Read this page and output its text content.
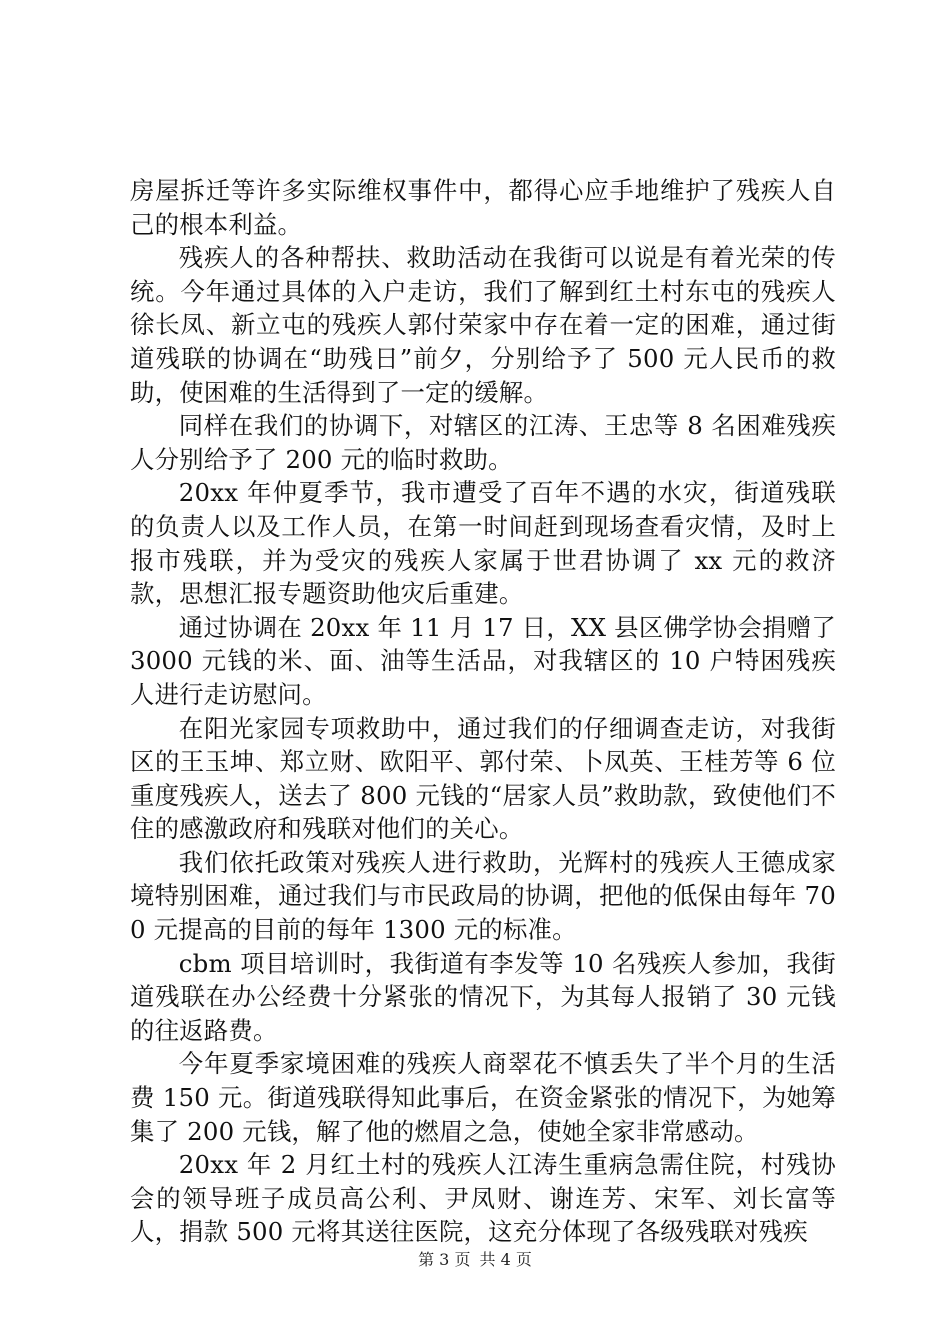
房屋拆迁等许多实际维权事件中，都得心应手地维护了残疾人自己的根本利益。

残疾人的各种帮扶、救助活动在我街可以说是有着光荣的传统。今年通过具体的入户走访，我们了解到红土村东屯的残疾人徐长凤、新立屯的残疾人郭付荣家中存在着一定的困难，通过街道残联的协调在“助残日”前夕，分别给予了 500 元人民币的救助，使困难的生活得到了一定的缓解。

同样在我们的协调下，对辖区的江涛、王忠等 8 名困难残疾人分别给予了 200 元的临时救助。

20xx 年仲夏季节，我市遭受了百年不遇的水灾，街道残联的负责人以及工作人员，在第一时间赶到现场查看灾情，及时上报市残联，并为受灾的残疾人家属于世君协调了 xx 元的救济款，思想汇报专题资助他灾后重建。

通过协调在 20xx 年 11 月 17 日，XX 县区佛学协会捐赠了 3000 元钱的米、面、油等生活品，对我辖区的 10 户特困残疾人进行走访慰问。

在阳光家园专项救助中，通过我们的仔细调查走访，对我街区的王玉坤、郑立财、欧阳平、郭付荣、卜凤英、王桂芳等 6 位重度残疾人，送去了 800 元钱的“居家人员”救助款，致使他们不住的感激政府和残联对他们的关心。

我们依托政策对残疾人进行救助，光辉村的残疾人王德成家境特别困难，通过我们与市民政局的协调，把他的低保由每年 700 元提高的目前的每年 1300 元的标准。

cbm 项目培训时，我街道有李发等 10 名残疾人参加，我街道残联在办公经费十分紧张的情况下，为其每人报销了 30 元钱的往返路费。

今年夏季家境困难的残疾人商翠花不慎丢失了半个月的生活费 150 元。街道残联得知此事后，在资金紧张的情况下，为她筹集了 200 元钱，解了他的燃眉之急，使她全家非常感动。

20xx 年 2 月红土村的残疾人江涛生重病急需住院，村残协会的领导班子成员高公利、尹凤财、谢连芳、宋军、刘长富等人，捐款 500 元将其送往医院，这充分体现了各级残联对残疾

第 3 页 共 4 页
